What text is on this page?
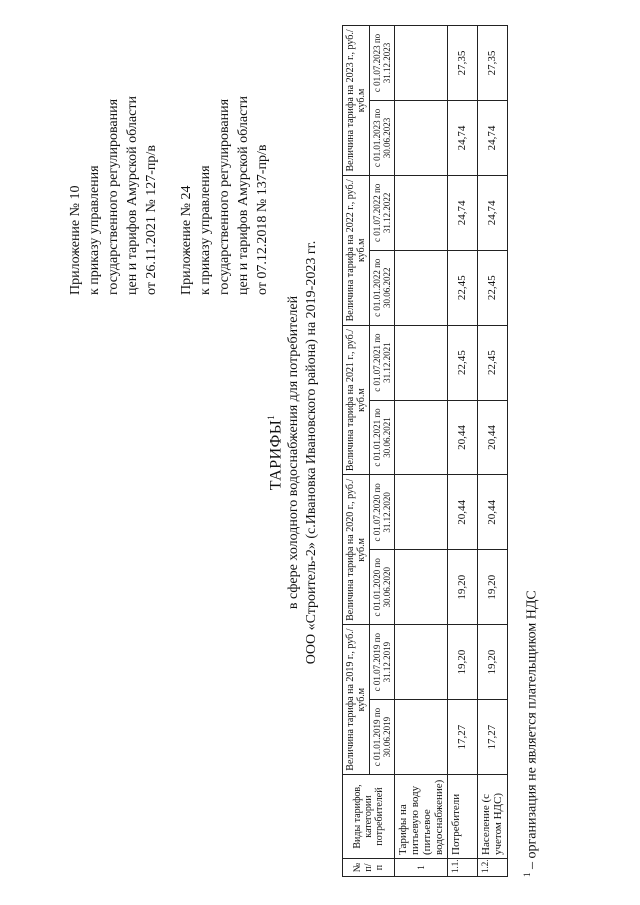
Приложение № 10 к приказу управления государственного регулирования цен и тарифов Амурской области от 26.11.2021 № 127-пр/в Приложение № 24 к приказу управления государственного регулирования цен и тарифов Амурской области от 07.12.2018 № 137-пр/в

ТАРИФЫ$^1$ в сфере холодного водоснабжения для потребителей ООО «Строитель-2» (с.Ивановка Ивановского района) на 2019-2023 гг.
№ п/п	Виды тарифов, категории потребителей	Величина тарифа на 2019 г., руб./куб.м		Величина тарифа на 2020 г., руб./куб.м		Величина тарифа на 2021 г., руб./куб.м		Величина тарифа на 2022 г., руб./куб.м		Величина тарифа на 2023 г., руб./куб.м	
		с 01.01.2019 по 30.06.2019	с 01.07.2019 по 31.12.2019	с 01.01.2020 по 30.06.2020	с 01.07.2020 по 31.12.2020	с 01.01.2021 по 30.06.2021	с 01.07.2021 по 31.12.2021	с 01.01.2022 по 30.06.2022	с 01.07.2022 по 31.12.2022	с 01.01.2023 по 30.06.2023	с 01.07.2023 по 31.12.2023
1	Тарифы на питьевую воду (питьевое водоснабжение)										
1.1.	Потребители	17,27	19,20	19,20	20,44	20,44	22,45	22,45	24,74	24,74	27,35
1.2.	Население (с учетом НДС)	17,27	19,20	19,20	20,44	20,44	22,45	22,45	24,74	24,74	27,35
$^1$ – организация не является плательщиком НДС
